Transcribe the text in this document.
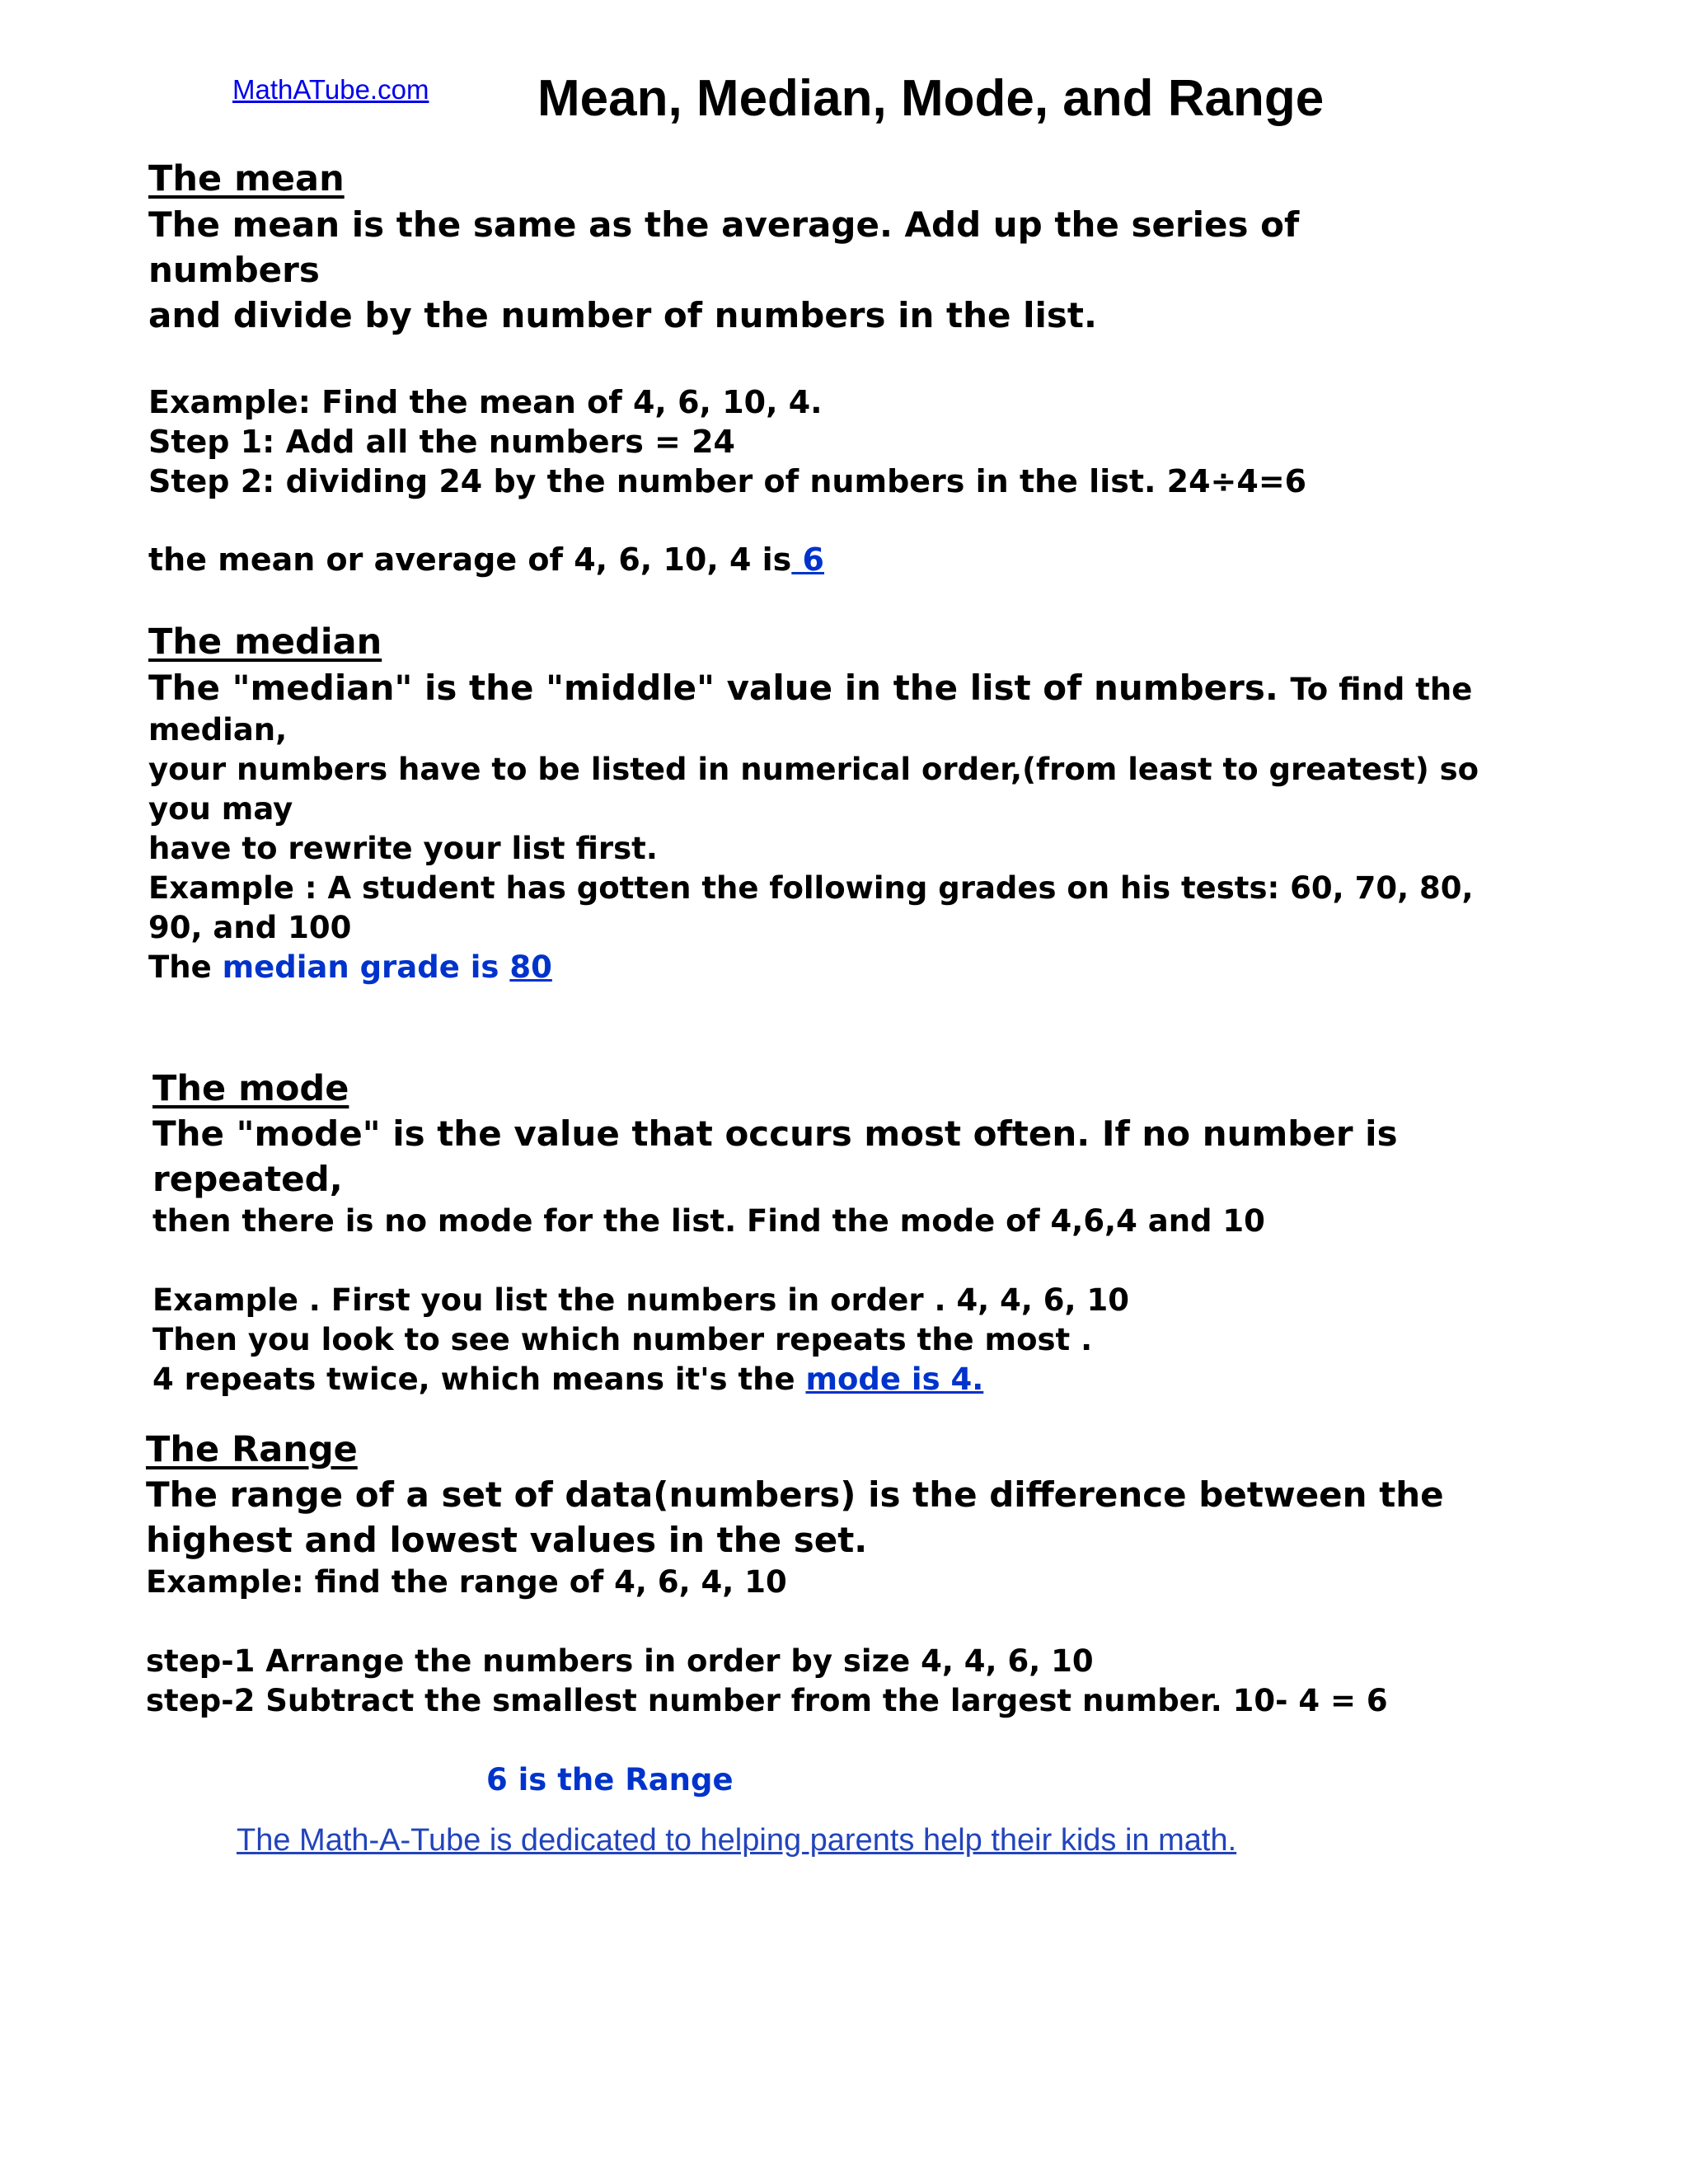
MathATube.com Mean, Median, Mode, and Range
The mean
The mean is the same as the average. Add up the series of
numbers
and divide by the number of numbers in the list.
Example: Find the mean of 4, 6, 10, 4.
Step 1: Add all the numbers = 24
Step 2: dividing 24 by the number of numbers in the list. 24÷4=6
the mean or average of 4, 6, 10, 4 is 6
The median
The "median" is the "middle" value in the list of numbers. To find the
median,
your numbers have to be listed in numerical order,(from least to greatest) so
you may
have to rewrite your list first.
Example : A student has gotten the following grades on his tests: 60, 70, 80,
90, and 100
The median grade is 80
The mode
The "mode" is the value that occurs most often. If no number is
repeated,
then there is no mode for the list. Find the mode of 4,6,4 and 10
Example . First you list the numbers in order . 4, 4, 6, 10
Then you look to see which number repeats the most .
4 repeats twice, which means it's the mode is 4.
The Range
The range of a set of data(numbers) is the difference between the
highest and lowest values in the set.
Example: find the range of 4, 6, 4, 10
step-1 Arrange the numbers in order by size 4, 4, 6, 10
step-2 Subtract the smallest number from the largest number. 10- 4 = 6
6 is the Range
The Math-A-Tube is dedicated to helping parents help their kids in math.
